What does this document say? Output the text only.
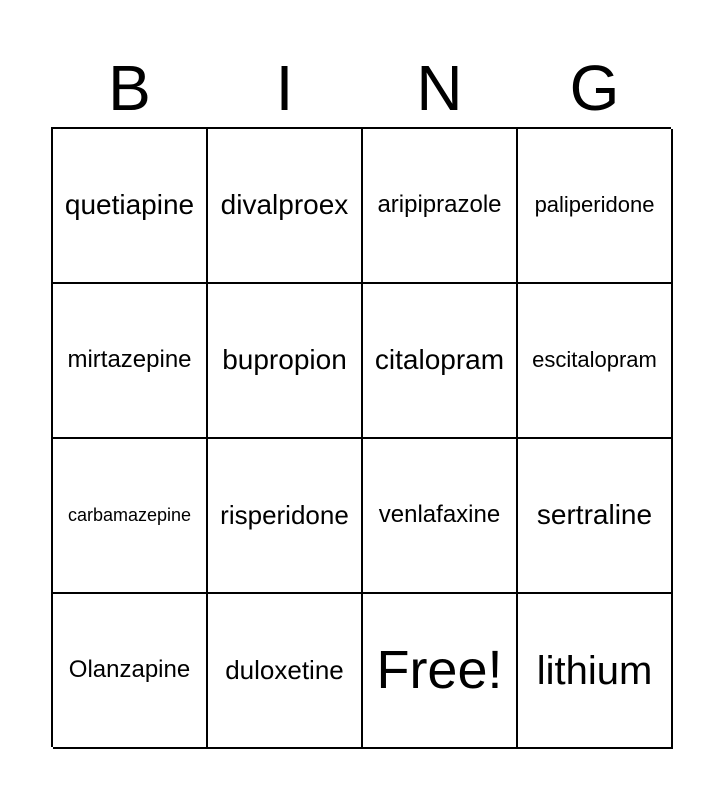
B	I	N	G
quetiapine divalproex aripiprazole paliperidone
mirtazepine bupropion citalopram escitalopram
carbamazepine risperidone venlafaxine sertraline
Olanzapine duloxetine Free! lithium
